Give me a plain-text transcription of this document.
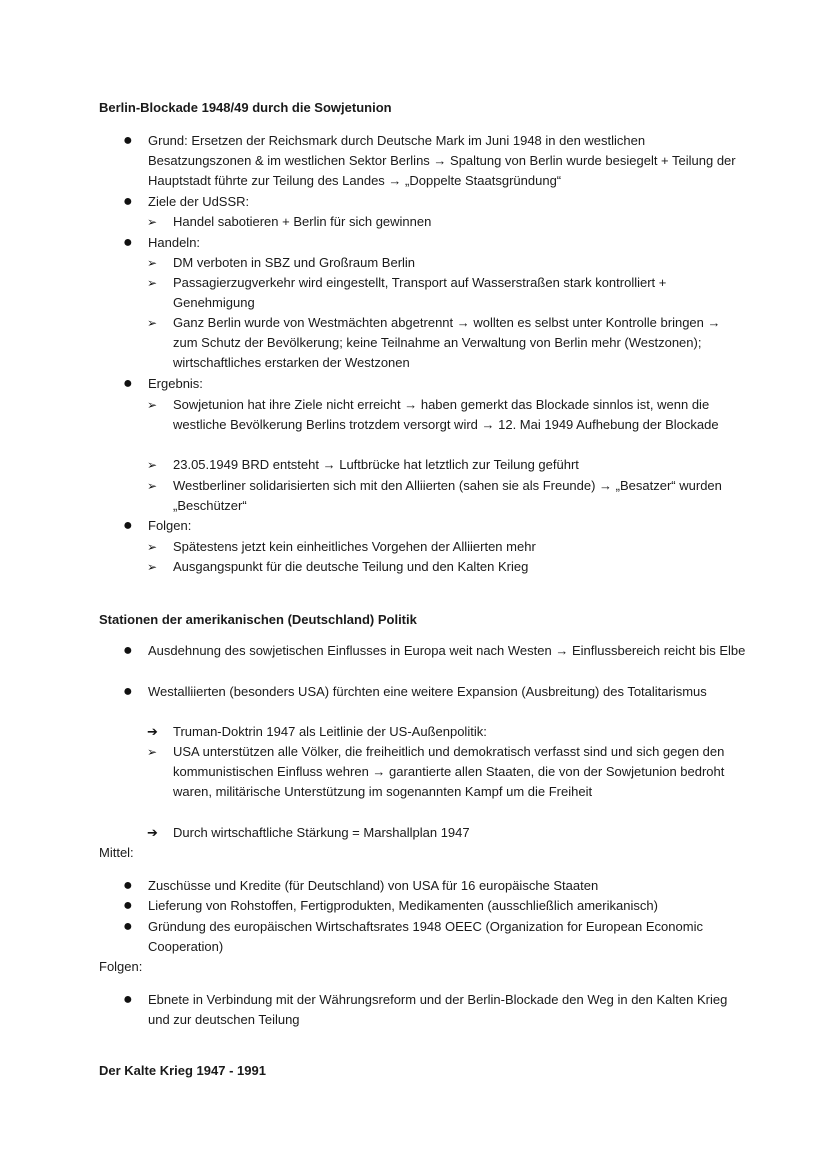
Berlin-Blockade 1948/49 durch die Sowjetunion
● Grund: Ersetzen der Reichsmark durch Deutsche Mark im Juni 1948 in den westlichen Besatzungszonen & im westlichen Sektor Berlins → Spaltung von Berlin wurde besiegelt + Teilung der Hauptstadt führte zur Teilung des Landes → „Doppelte Staatsgründung“
● Ziele der UdSSR:
➢ Handel sabotieren + Berlin für sich gewinnen
● Handeln:
➢ DM verboten in SBZ und Großraum Berlin
➢ Passagierzugverkehr wird eingestellt, Transport auf Wasserstraßen stark kontrolliert + Genehmigung
➢ Ganz Berlin wurde von Westmächten abgetrennt → wollten es selbst unter Kontrolle bringen → zum Schutz der Bevölkerung; keine Teilnahme an Verwaltung von Berlin mehr (Westzonen); wirtschaftliches erstarken der Westzonen
● Ergebnis:
➢ Sowjetunion hat ihre Ziele nicht erreicht → haben gemerkt das Blockade sinnlos ist, wenn die westliche Bevölkerung Berlins trotzdem versorgt wird → 12. Mai 1949 Aufhebung der Blockade
➢ 23.05.1949 BRD entsteht → Luftbrücke hat letztlich zur Teilung geführt
➢ Westberliner solidarisierten sich mit den Alliierten (sahen sie als Freunde) → „Besatzer“ wurden „Beschützer“
● Folgen:
➢ Spätestens jetzt kein einheitliches Vorgehen der Alliierten mehr
➢ Ausgangspunkt für die deutsche Teilung und den Kalten Krieg
Stationen der amerikanischen (Deutschland) Politik
● Ausdehnung des sowjetischen Einflusses in Europa weit nach Westen → Einflussbereich reicht bis Elbe
● Westalliierten (besonders USA) fürchten eine weitere Expansion (Ausbreitung) des Totalitarismus
➔ Truman-Doktrin 1947 als Leitlinie der US-Außenpolitik:
➢ USA unterstützen alle Völker, die freiheitlich und demokratisch verfasst sind und sich gegen den kommunistischen Einfluss wehren → garantierte allen Staaten, die von der Sowjetunion bedroht waren, militärische Unterstützung im sogenannten Kampf um die Freiheit
➔ Durch wirtschaftliche Stärkung = Marshallplan 1947
Mittel:
● Zuschüsse und Kredite (für Deutschland) von USA für 16 europäische Staaten
● Lieferung von Rohstoffen, Fertigprodukten, Medikamenten (ausschließlich amerikanisch)
● Gründung des europäischen Wirtschaftsrates 1948 OEEC (Organization for European Economic Cooperation)
Folgen:
● Ebnete in Verbindung mit der Währungsreform und der Berlin-Blockade den Weg in den Kalten Krieg und zur deutschen Teilung
Der Kalte Krieg 1947 - 1991
